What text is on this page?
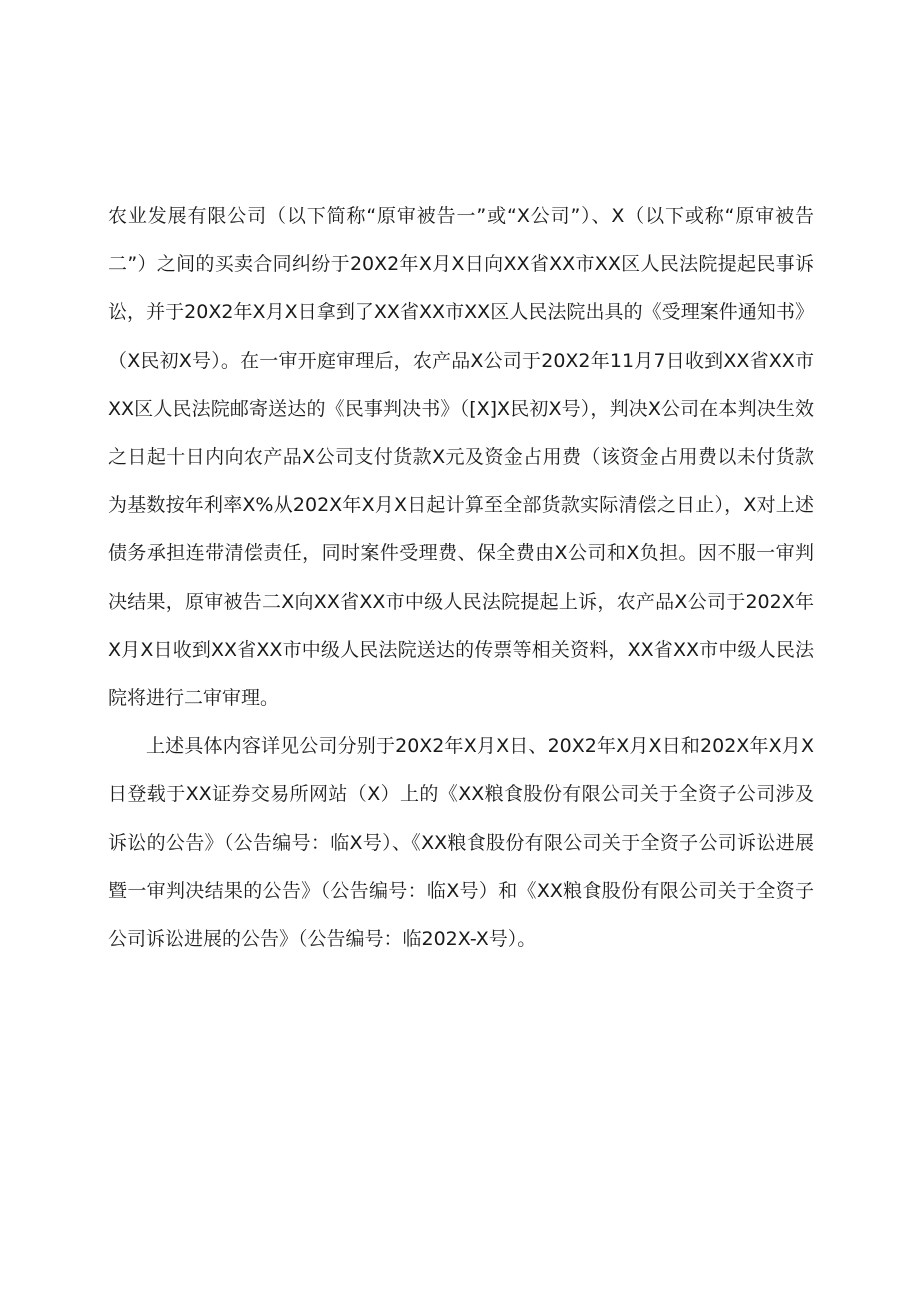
农业发展有限公司（以下简称“原审被告一”或“X公司”）、X（以下或称“原审被告二”）之间的买卖合同纠纷于20X2年X月X日向XX省XX市XX区人民法院提起民事诉讼，并于20X2年X月X日拿到了XX省XX市XX区人民法院出具的《受理案件通知书》（X民初X号）。在一审开庭审理后，农产品X公司于20X2年11月7日收到XX省XX市XX区人民法院邮寄送达的《民事判决书》（[X]X民初X号），判决X公司在本判决生效之日起十日内向农产品X公司支付货款X元及资金占用费（该资金占用费以未付货款为基数按年利率X%从202X年X月X日起计算至全部货款实际清偿之日止），X对上述债务承担连带清偿责任，同时案件受理费、保全费由X公司和X负担。因不服一审判决结果，原审被告二X向XX省XX市中级人民法院提起上诉，农产品X公司于202X年X月X日收到XX省XX市中级人民法院送达的传票等相关资料，XX省XX市中级人民法院将进行二审审理。

上述具体内容详见公司分别于20X2年X月X日、20X2年X月X日和202X年X月X日登载于XX证券交易所网站（X）上的《XX粮食股份有限公司关于全资子公司涉及诉讼的公告》（公告编号：临X号）、《XX粮食股份有限公司关于全资子公司诉讼进展暨一审判决结果的公告》（公告编号：临X号）和《XX粮食股份有限公司关于全资子公司诉讼进展的公告》（公告编号：临202X-X号）。
